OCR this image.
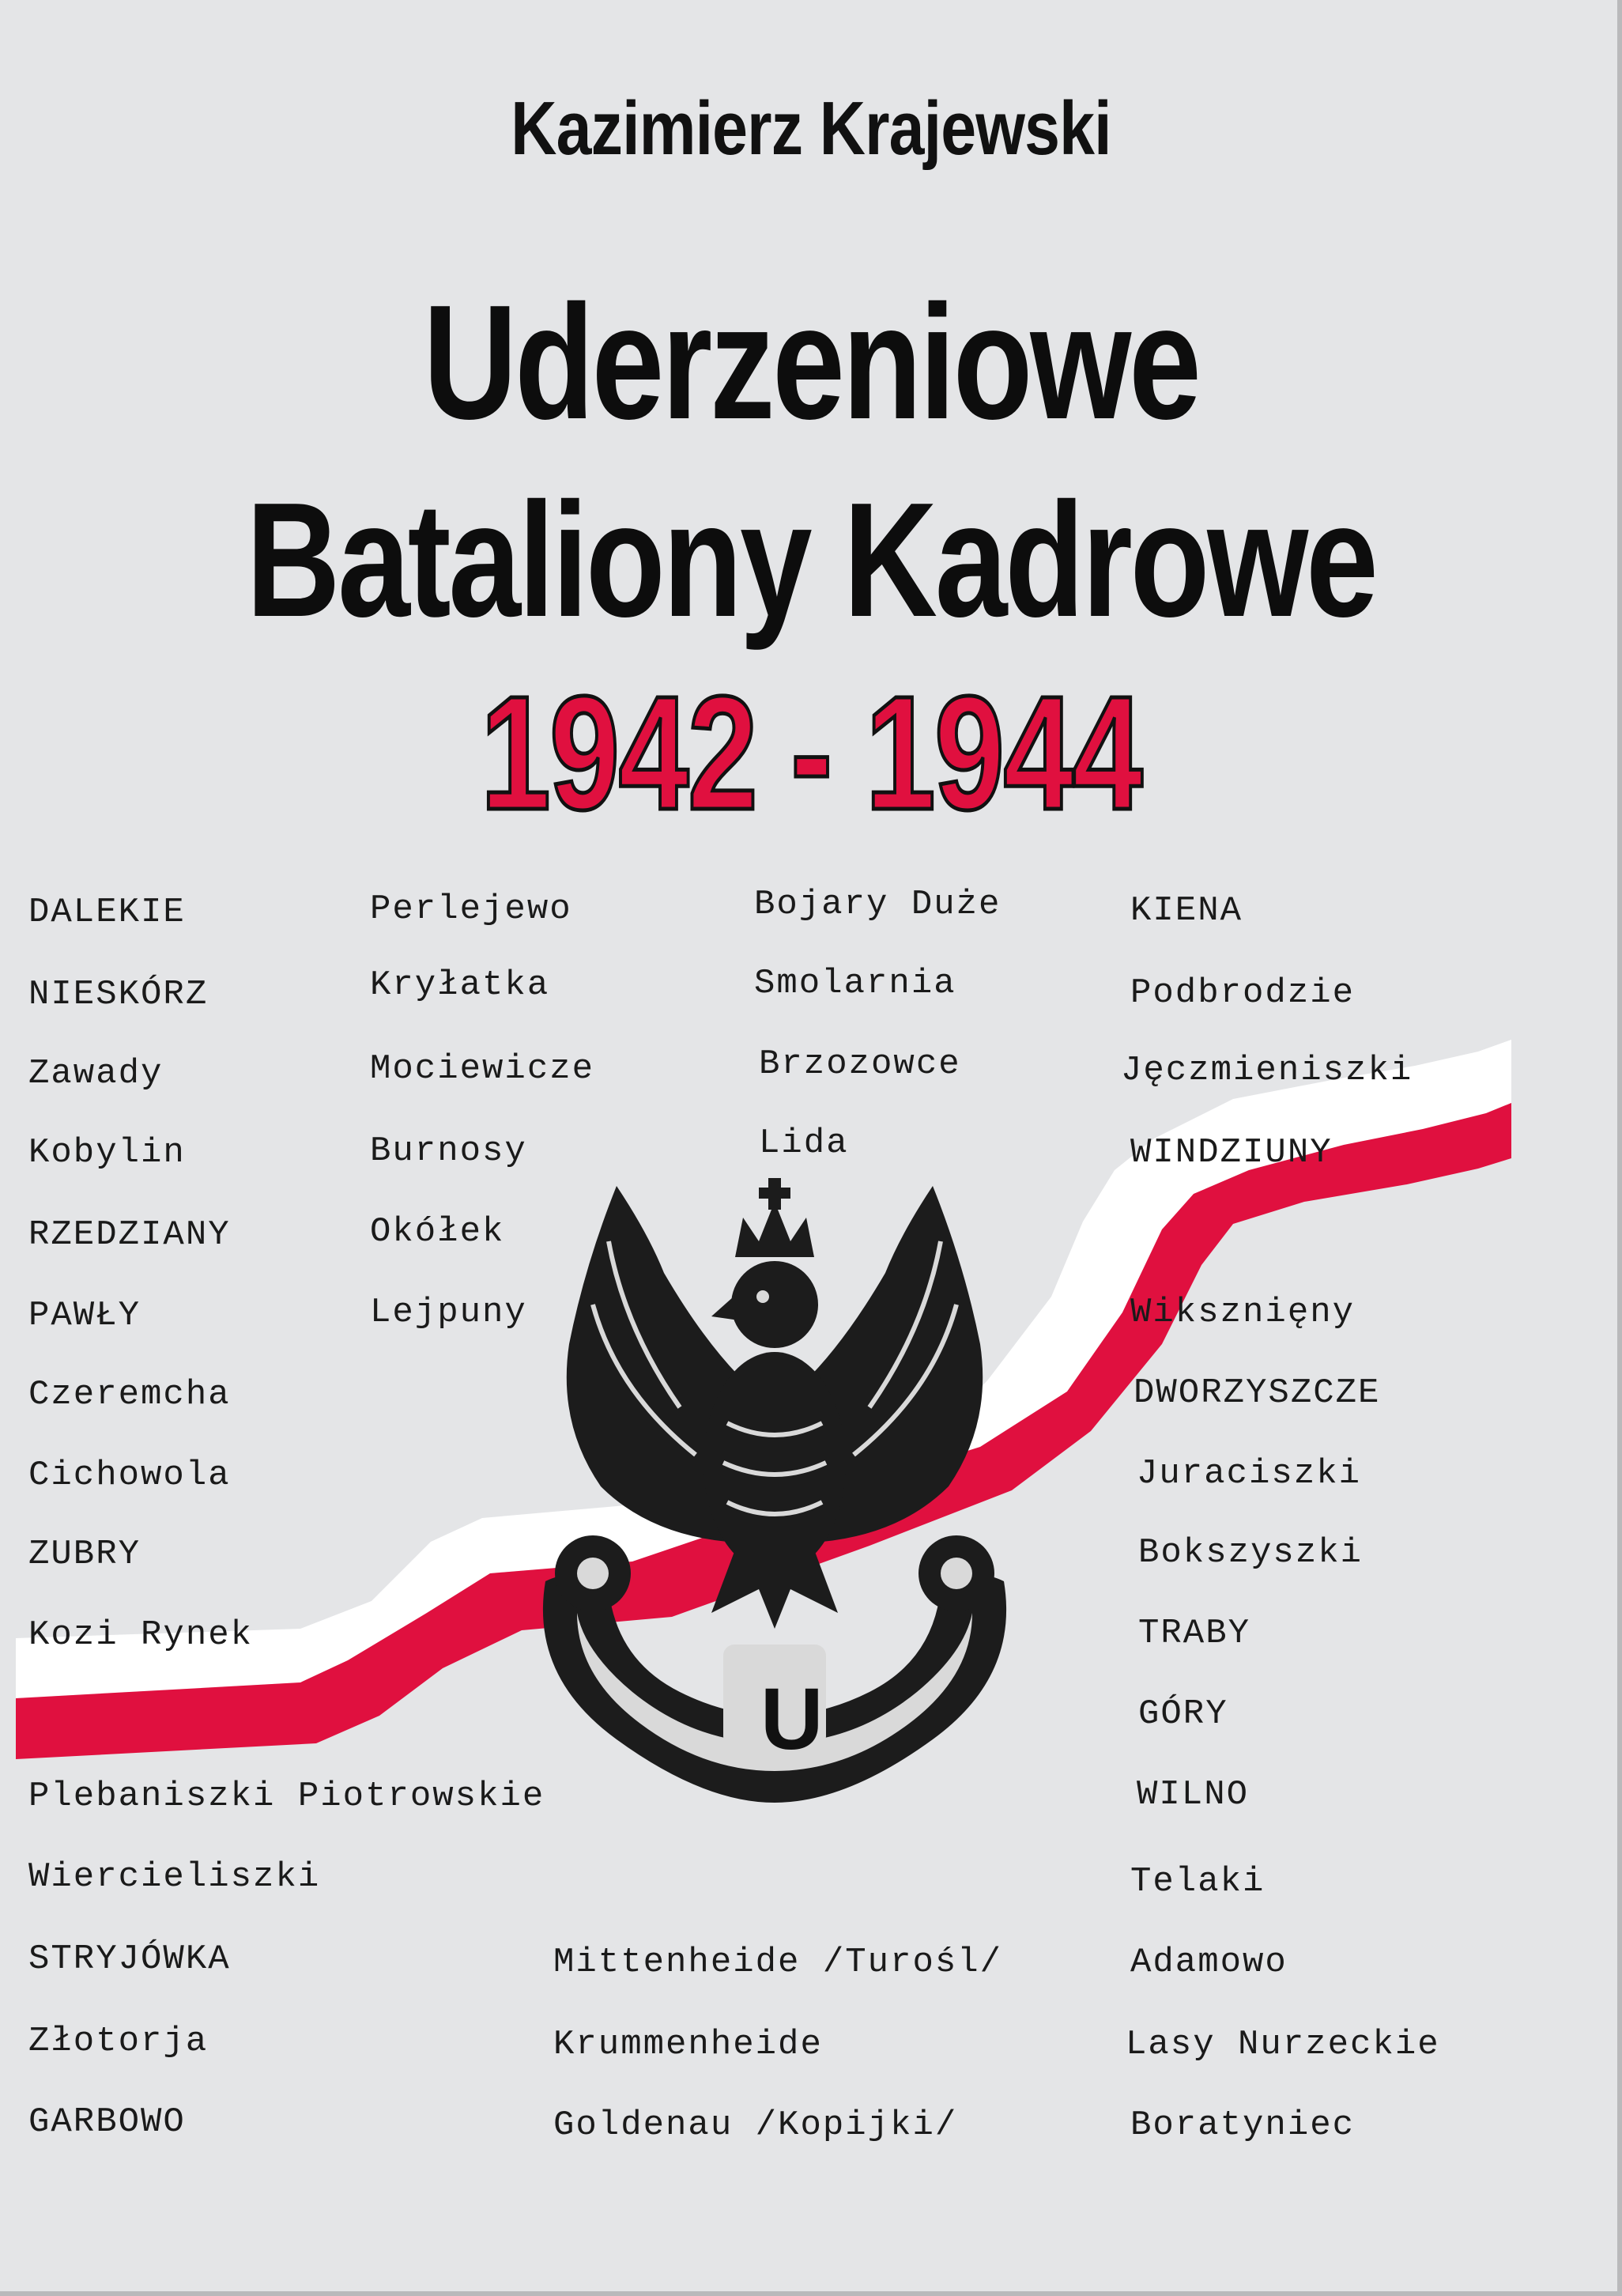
Kazimierz Krajewski
Uderzeniowe
Bataliony Kadrowe
1942 - 1944
U
DALEKIE
NIESKÓRZ
Zawady
Kobylin
RZEDZIANY
PAWŁY
Czeremcha
Cichowola
ZUBRY
Kozi Rynek
Plebaniszki Piotrowskie
Wiercieliszki
STRYJÓWKA
Złotorja
GARBOWO
Perlejewo
Kryłatka
Mociewicze
Burnosy
Okółek
Lejpuny
Bojary Duże
Smolarnia
Brzozowce
Lida
Mittenheide /Turośl/
Krummenheide
Goldenau /Kopijki/
KIENA
Podbrodzie
Jęczmieniszki
WINDZIUNY
Wiksznięny
DWORZYSZCZE
Juraciszki
Bokszyszki
TRABY
GÓRY
WILNO
Telaki
Adamowo
Lasy Nurzeckie
Boratyniec
